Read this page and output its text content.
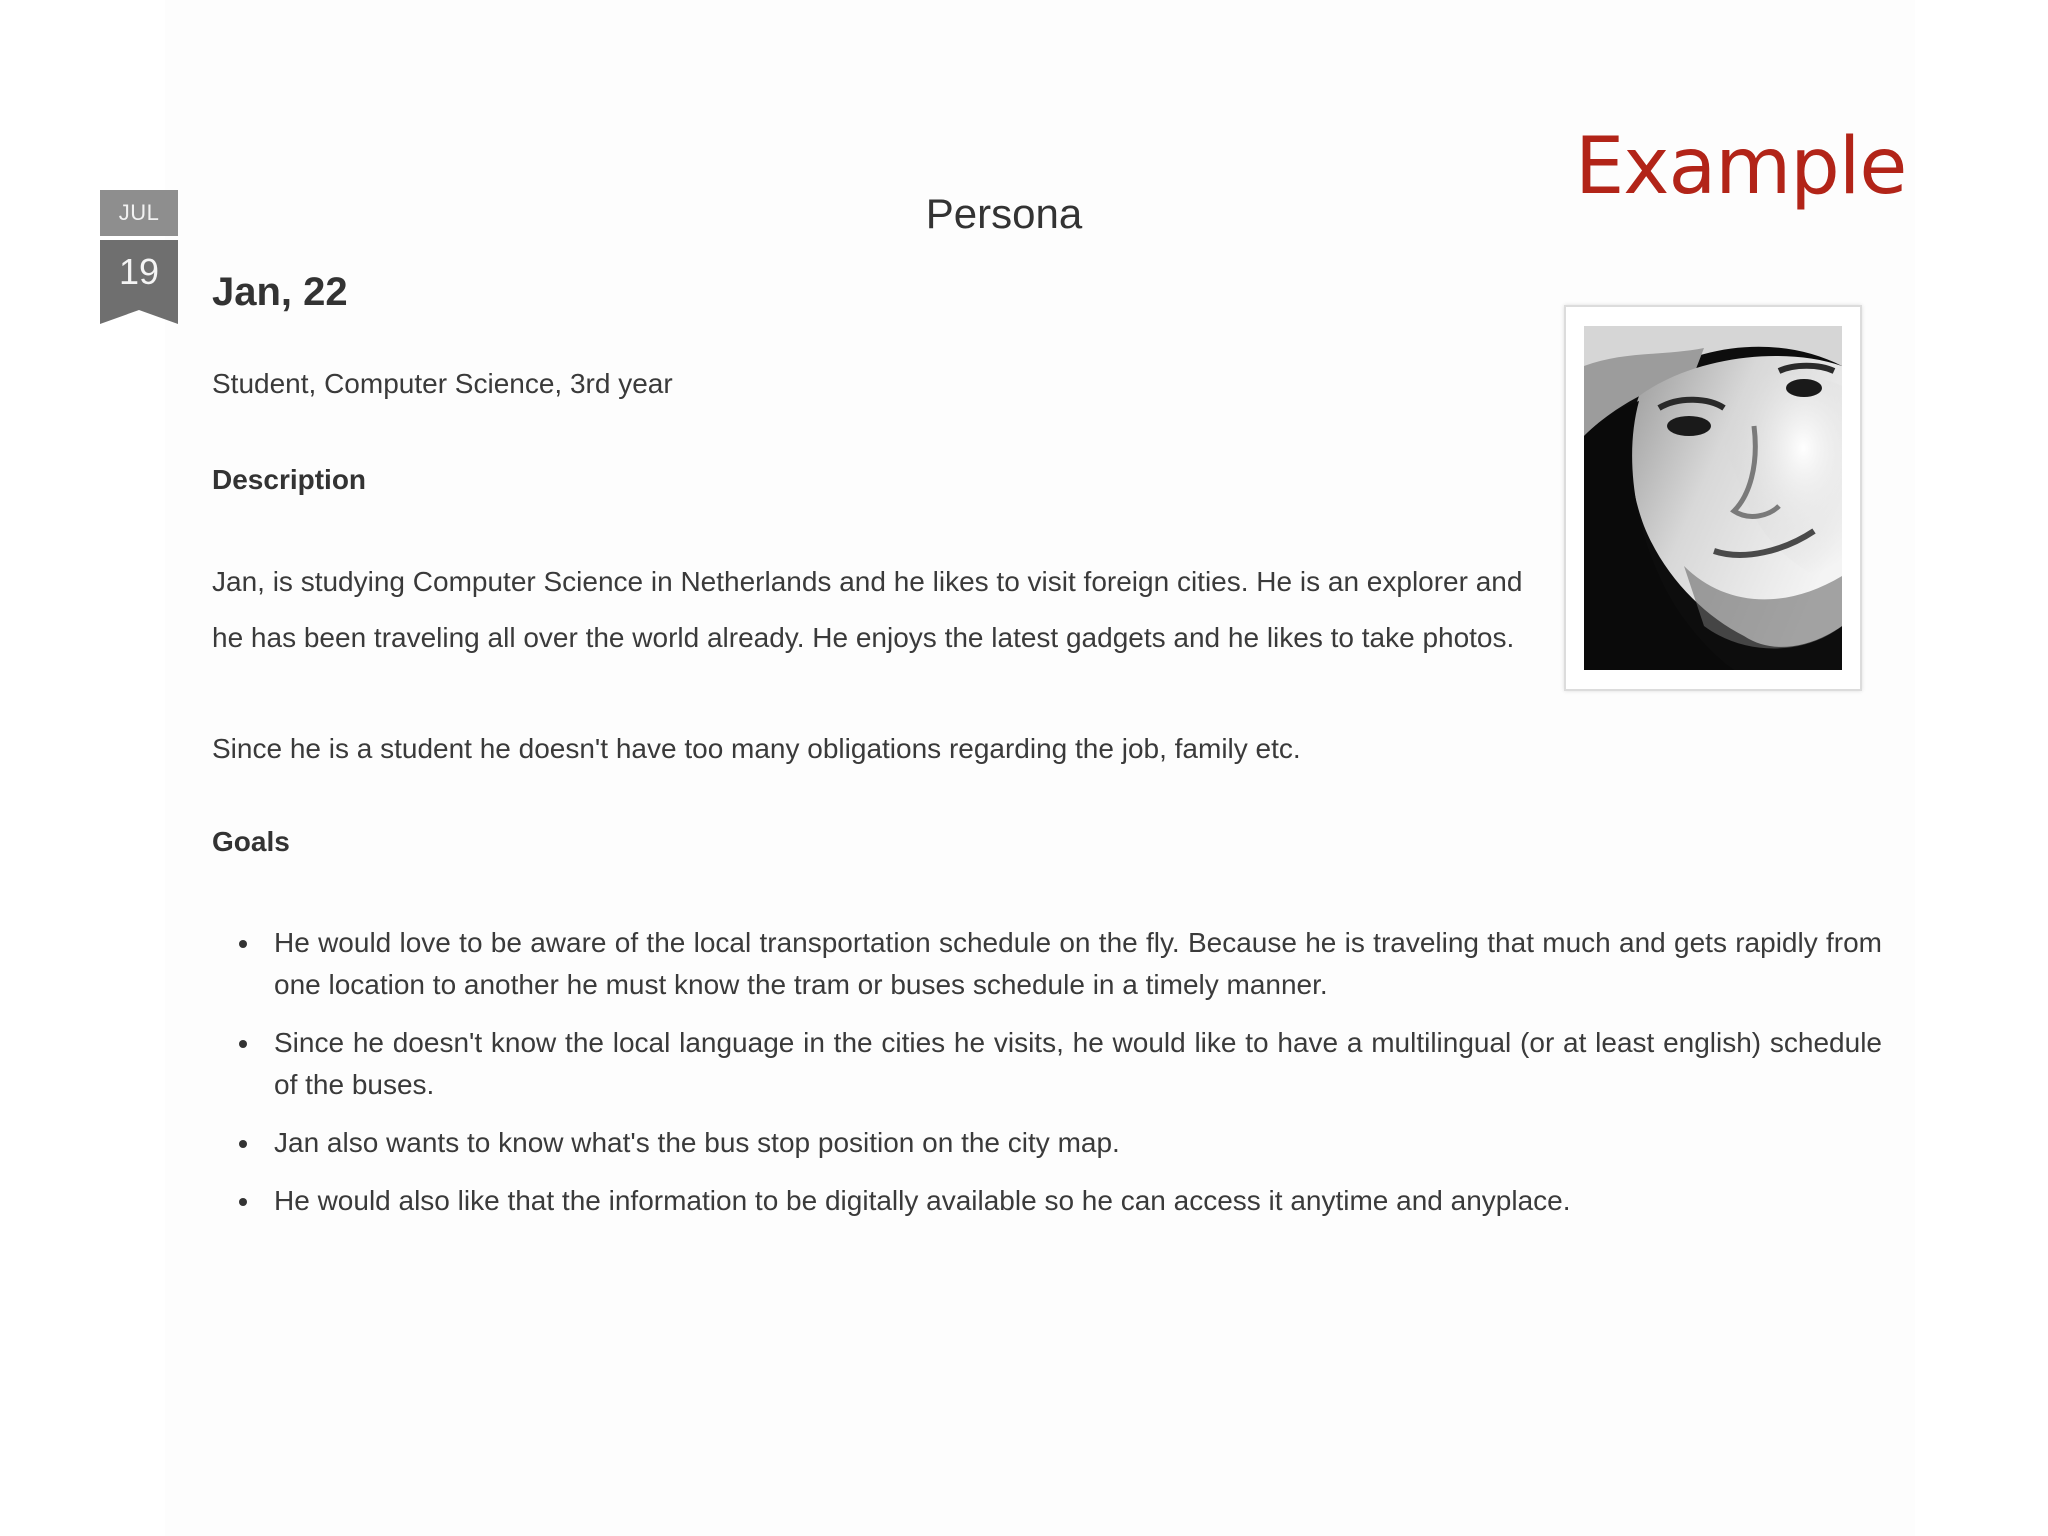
Example
JUL
19
Persona
Jan, 22
Student, Computer Science, 3rd year
Description

Jan, is studying Computer Science in Netherlands and he likes to visit foreign cities. He is an explorer and he has been traveling all over the world already. He enjoys the latest gadgets and he likes to take photos.

Since he is a student he doesn't have too many obligations regarding the job, family etc.

Goals
He would love to be aware of the local transportation schedule on the fly. Because he is traveling that much and gets rapidly from one location to another he must know the tram or buses schedule in a timely manner.
Since he doesn't know the local language in the cities he visits, he would like to have a multilingual (or at least english) schedule of the buses.
Jan also wants to know what's the bus stop position on the city map.
He would also like that the information to be digitally available so he can access it anytime and anyplace.
